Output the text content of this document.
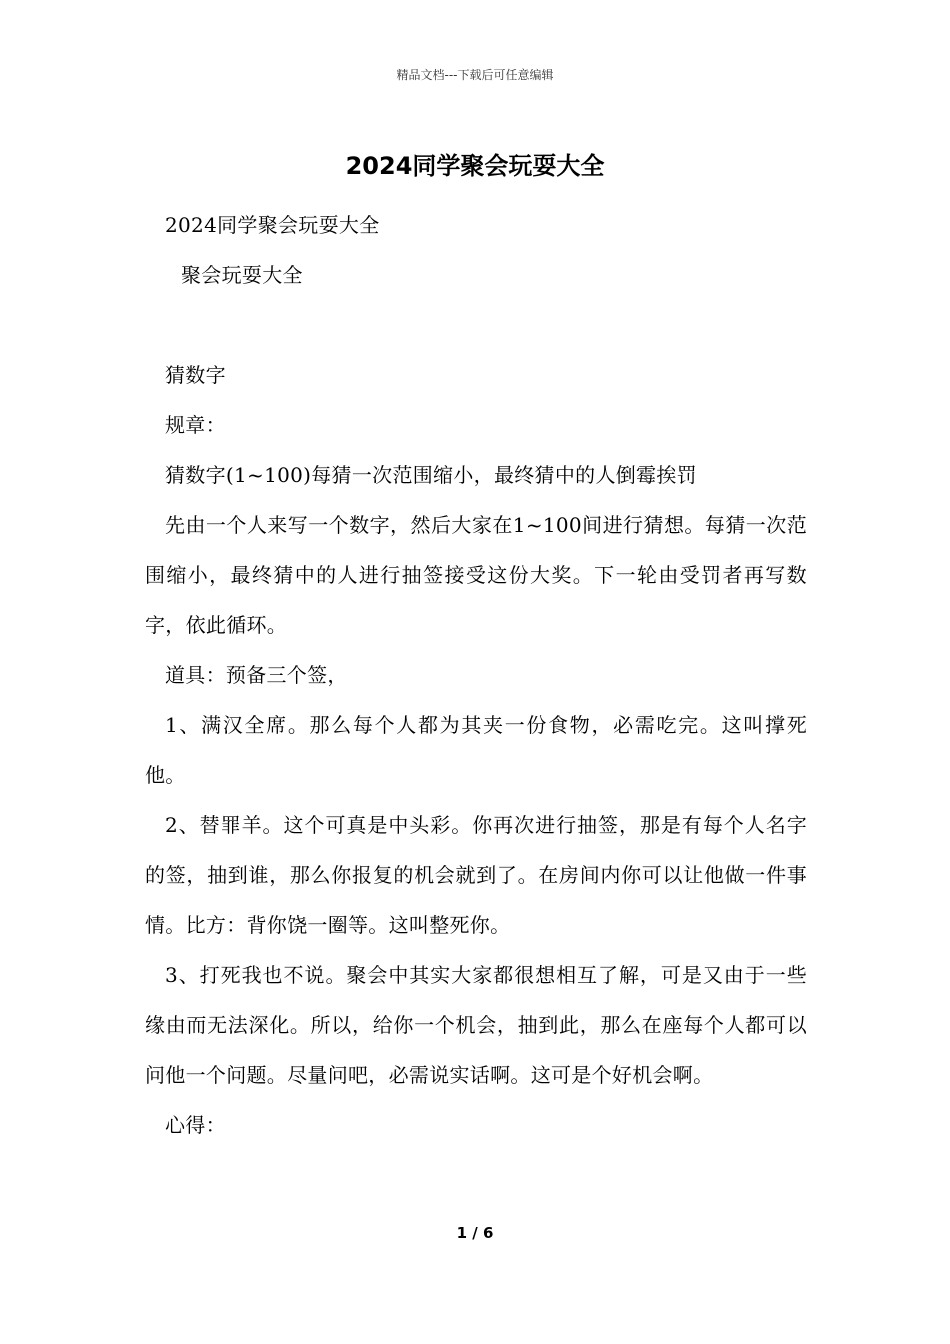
精品文档---下载后可任意编辑
2024同学聚会玩耍大全

2024同学聚会玩耍大全

聚会玩耍大全

猜数字

规章：

猜数字(1~100)每猜一次范围缩小，最终猜中的人倒霉挨罚

先由一个人来写一个数字，然后大家在1~100间进行猜想。每猜一次范围缩小，最终猜中的人进行抽签接受这份大奖。下一轮由受罚者再写数字，依此循环。

道具：预备三个签，

1、满汉全席。那么每个人都为其夹一份食物，必需吃完。这叫撑死他。

2、替罪羊。这个可真是中头彩。你再次进行抽签，那是有每个人名字的签，抽到谁，那么你报复的机会就到了。在房间内你可以让他做一件事情。比方：背你饶一圈等。这叫整死你。

3、打死我也不说。聚会中其实大家都很想相互了解，可是又由于一些缘由而无法深化。所以，给你一个机会，抽到此，那么在座每个人都可以问他一个问题。尽量问吧，必需说实话啊。这可是个好机会啊。

心得：

1 / 6
